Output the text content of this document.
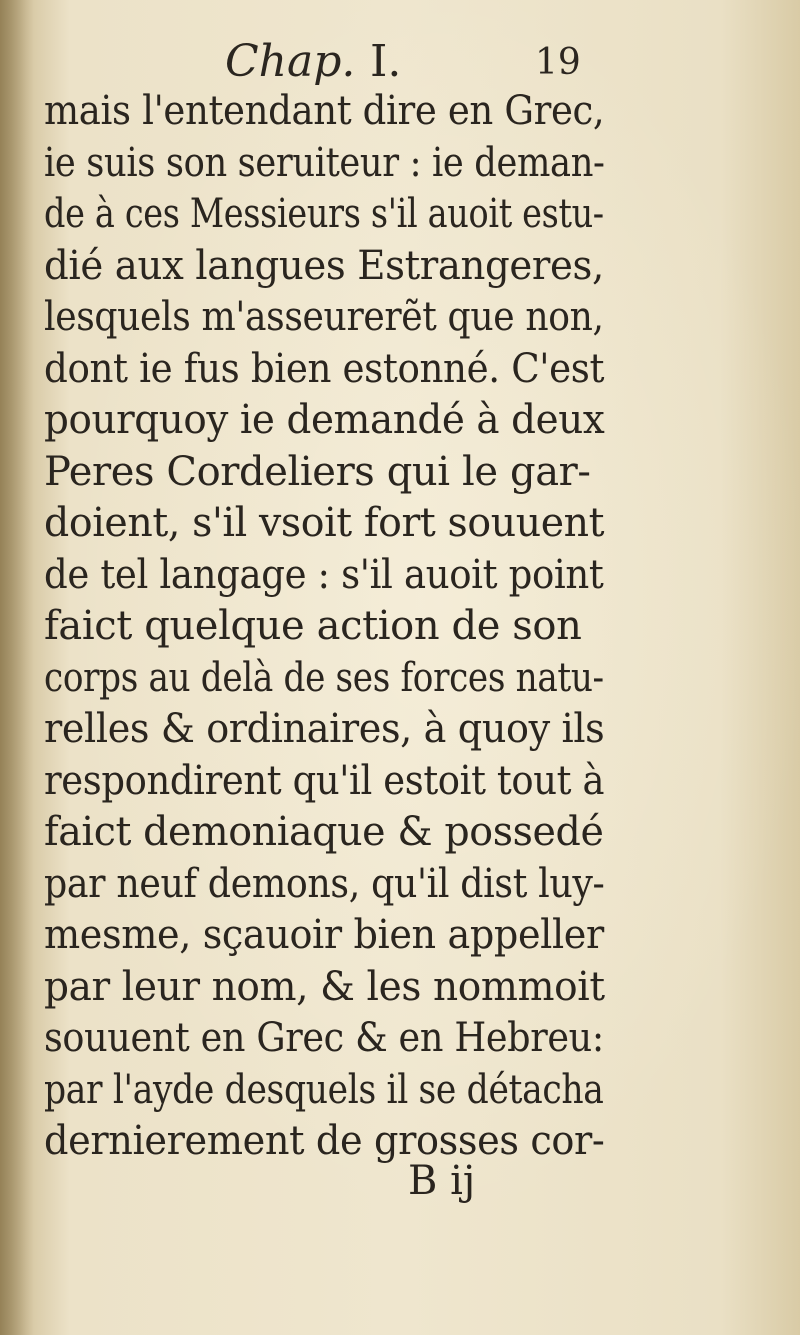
Chap. I.	19
mais l'entendant dire en Grec,
ie suis son seruiteur : ie deman-
de à ces Messieurs s'il auoit estu-
dié aux langues Estrangeres,
lesquels m'asseurerẽt que non,
dont ie fus bien estonné. C'est
pourquoy ie demandé à deux
Peres Cordeliers qui le gar-
doient, s'il vsoit fort souuent
de tel langage : s'il auoit point
faict quelque action de son
corps au delà de ses forces natu-
relles & ordinaires, à quoy ils
respondirent qu'il estoit tout à
faict demoniaque & possedé
par neuf demons, qu'il dist luy-
mesme, sçauoir bien appeller
par leur nom, & les nommoit
souuent en Grec & en Hebreu:
par l'ayde desquels il se détacha
dernierement de grosses cor-
B ij
